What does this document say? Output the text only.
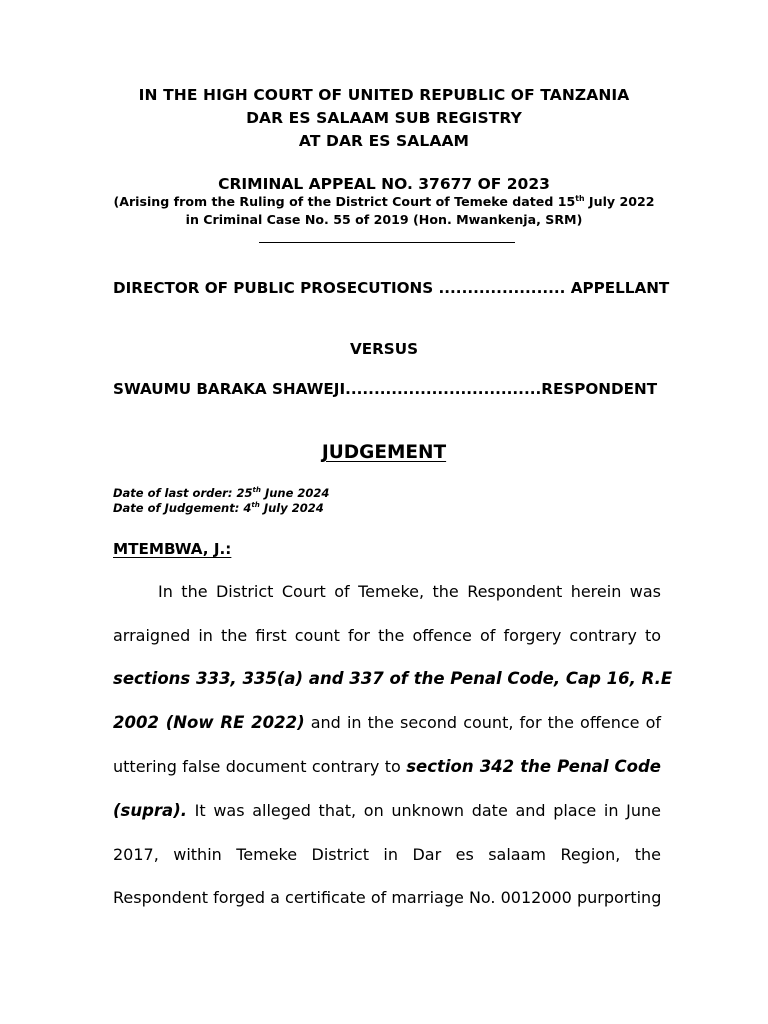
IN THE HIGH COURT OF UNITED REPUBLIC OF TANZANIA
DAR ES SALAAM SUB REGISTRY
AT DAR ES SALAAM
CRIMINAL APPEAL NO. 37677 OF 2023
(Arising from the Ruling of the District Court of Temeke dated 15th July 2022
in Criminal Case No. 55 of 2019 (Hon. Mwankenja, SRM)
DIRECTOR OF PUBLIC PROSECUTIONS ...................... APPELLANT
VERSUS
SWAUMU BARAKA SHAWEJI..................................RESPONDENT
JUDGEMENT
Date of last order: 25th June 2024
Date of Judgement: 4th July 2024
MTEMBWA, J.:
In the District Court of Temeke, the Respondent herein was
arraigned in the first count for the offence of forgery contrary to
sections 333, 335(a) and 337 of the Penal Code, Cap 16, R.E
2002 (Now RE 2022) and in the second count, for the offence of
uttering false document contrary to section 342 the Penal Code
(supra). It was alleged that, on unknown date and place in June
2017, within Temeke District in Dar es salaam Region, the
Respondent forged a certificate of marriage No. 0012000 purporting
